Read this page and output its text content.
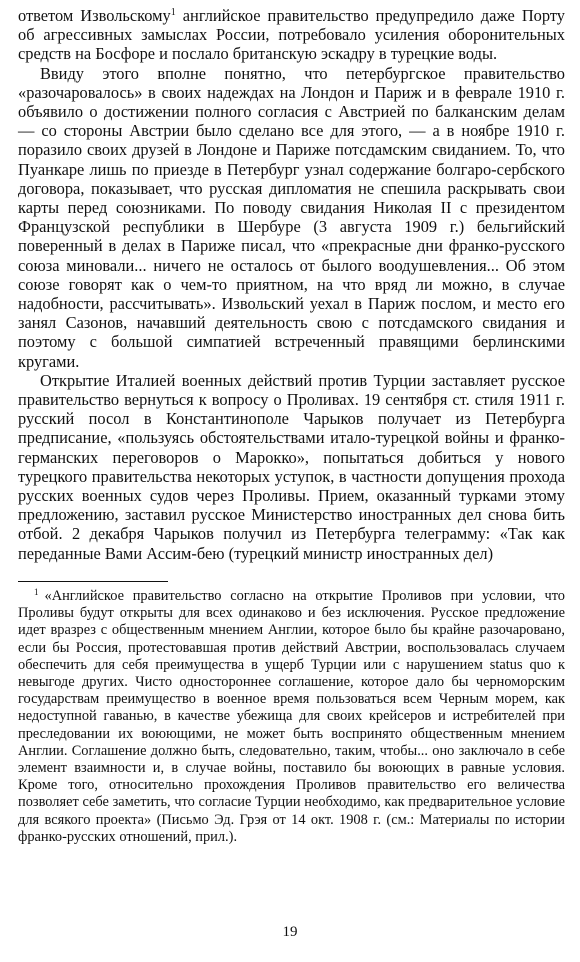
ответом Извольскому$^1$ английское правительство предупредило даже Порту об агрессивных замыслах России, потребовало усиления оборонительных средств на Босфоре и послало британскую эскадру в турецкие воды.

Ввиду этого вполне понятно, что петербургское правительство «разочаровалось» в своих надеждах на Лондон и Париж и в феврале 1910 г. объявило о достижении полного согласия с Австрией по балканским делам — со стороны Австрии было сделано все для этого, — а в ноябре 1910 г. поразило своих друзей в Лондоне и Париже потсдамским свиданием. То, что Пуанкаре лишь по приезде в Петербург узнал содержание болгаро-сербского договора, показывает, что русская дипломатия не спешила раскрывать свои карты перед союзниками. По поводу свидания Николая II с президентом Французской республики в Шербуре (3 августа 1909 г.) бельгийский поверенный в делах в Париже писал, что «прекрасные дни франко-русского союза миновали... ничего не осталось от былого воодушевления... Об этом союзе говорят как о чем-то приятном, на что вряд ли можно, в случае надобности, рассчитывать». Извольский уехал в Париж послом, и место его занял Сазонов, начавший деятельность свою с потсдамского свидания и поэтому с большой симпатией встреченный правящими берлинскими кругами.

Открытие Италией военных действий против Турции заставляет русское правительство вернуться к вопросу о Проливах. 19 сентября ст. стиля 1911 г. русский посол в Константинополе Чарыков получает из Петербурга предписание, «пользуясь обстоятельствами итало-турецкой войны и франко-германских переговоров о Марокко», попытаться добиться у нового турецкого правительства некоторых уступок, в частности допущения прохода русских военных судов через Проливы. Прием, оказанный турками этому предложению, заставил русское Министерство иностранных дел снова бить отбой. 2 декабря Чарыков получил из Петербурга телеграмму: «Так как переданные Вами Ассим-бею (турецкий министр иностранных дел)

$^1$ «Английское правительство согласно на открытие Проливов при условии, что Проливы будут открыты для всех одинаково и без исключения. Русское предложение идет вразрез с общественным мнением Англии, которое было бы крайне разочаровано, если бы Россия, протестовавшая против действий Австрии, воспользовалась случаем обеспечить для себя преимущества в ущерб Турции или с нарушением status quo к невыгоде других. Чисто одностороннее соглашение, которое дало бы черноморским государствам преимущество в военное время пользоваться всем Черным морем, как недоступной гаванью, в качестве убежища для своих крейсеров и истребителей при преследовании их воюющими, не может быть воспринято общественным мнением Англии. Соглашение должно быть, следовательно, таким, чтобы... оно заключало в себе элемент взаимности и, в случае войны, поставило бы воюющих в равные условия. Кроме того, относительно прохождения Проливов правительство его величества позволяет себе заметить, что согласие Турции необходимо, как предварительное условие для всякого проекта» (Письмо Эд. Грэя от 14 окт. 1908 г. (см.: Материалы по истории франко-русских отношений, прил.).

19
